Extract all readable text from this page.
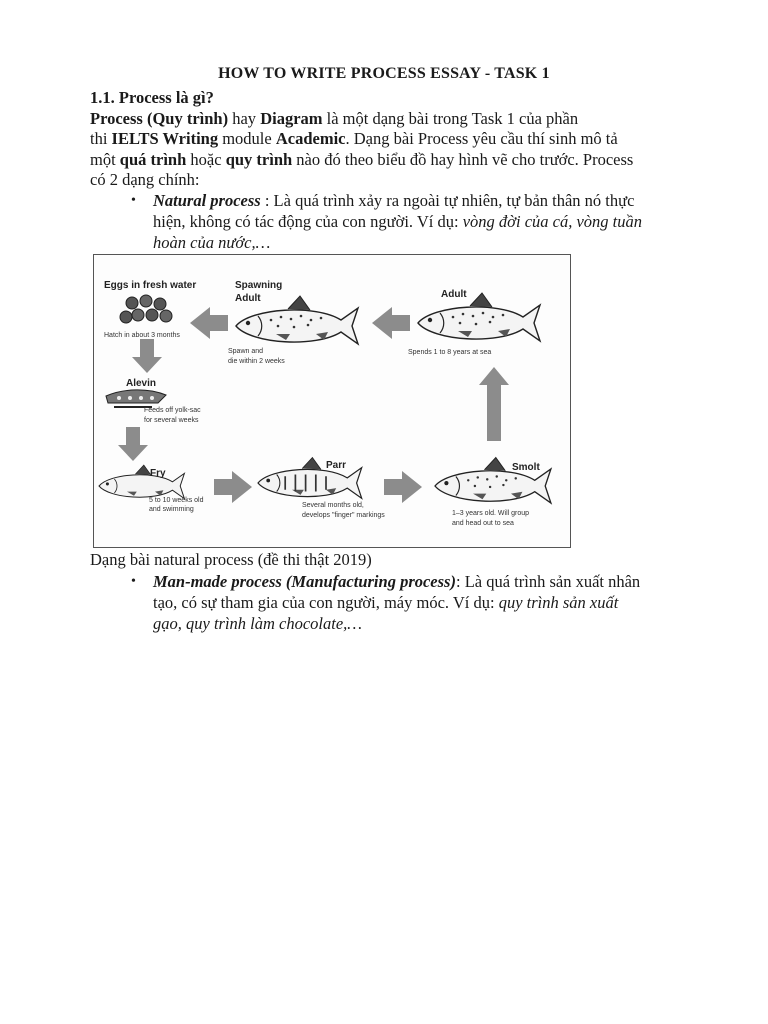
HOW TO WRITE PROCESS ESSAY - TASK 1
1.1. Process là gì?
Process (Quy trình) hay Diagram là một dạng bài trong Task 1 của phần
thi IELTS Writing module Academic. Dạng bài Process yêu cầu thí sinh mô tả
một quá trình hoặc quy trình nào đó theo biểu đồ hay hình vẽ cho trước. Process
có 2 dạng chính:
• Natural process : Là quá trình xảy ra ngoài tự nhiên, tự bản thân nó thực
hiện, không có tác động của con người. Ví dụ: vòng đời của cá, vòng tuần
hoàn của nước,…
Eggs in fresh water
Hatch in about 3 months
Spawning
Adult
Spawn and
die within 2 weeks
Adult
Spends 1 to 8 years at sea
Alevin
Feeds off yolk-sac
for several weeks
Fry
5 to 10 weeks old
and swimming
Parr
Several months old,
develops "finger" markings
Smolt
1–3 years old. Will group
and head out to sea
Dạng bài natural process (đề thi thật 2019)
• Man-made process (Manufacturing process): Là quá trình sản xuất nhân
tạo, có sự tham gia của con người, máy móc. Ví dụ: quy trình sản xuất
gạo, quy trình làm chocolate,…
